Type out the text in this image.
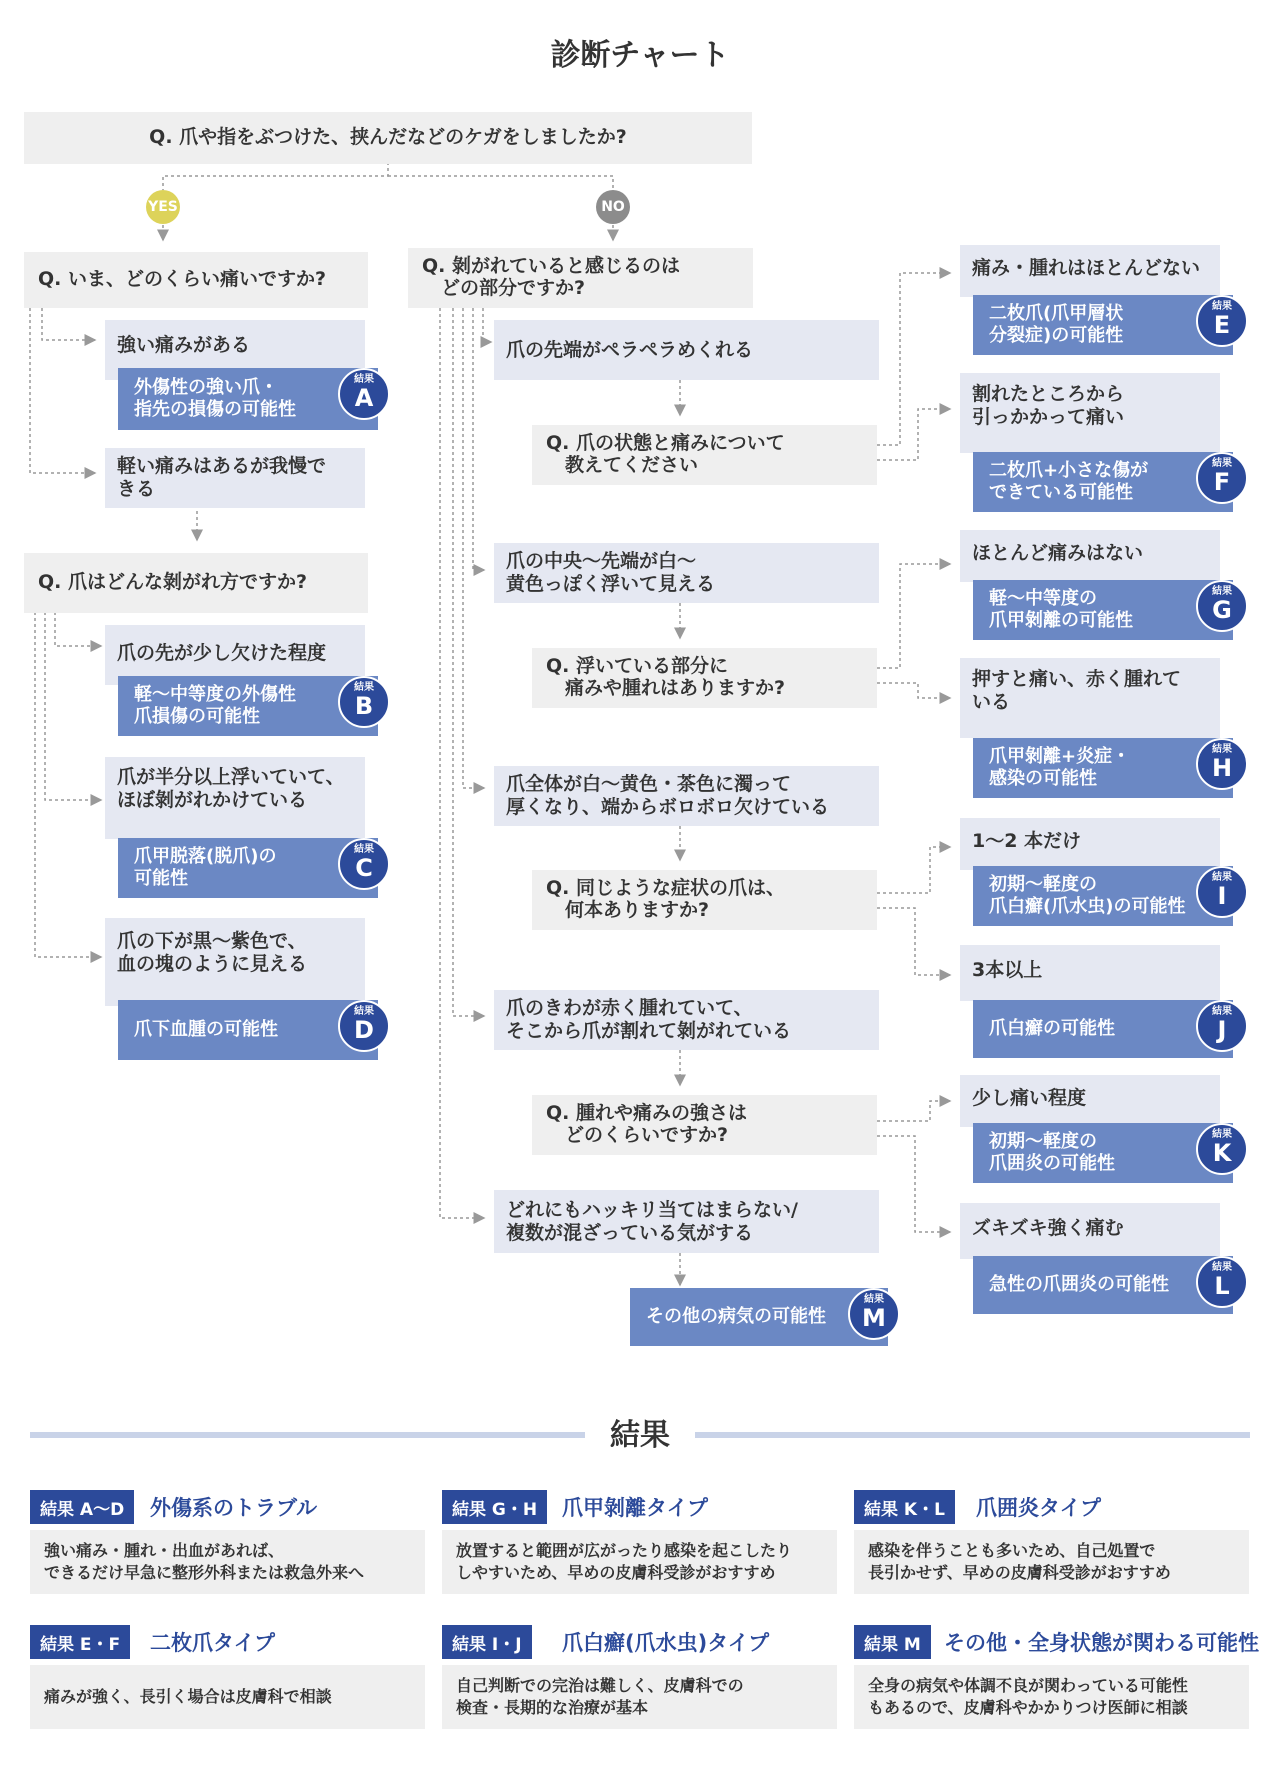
診断チャート
Q. 爪や指をぶつけた、挟んだなどのケガをしましたか?
YES	NO
Q. いま、どのくらい痛いですか?
強い痛みがある
外傷性の強い爪・
指先の損傷の可能性
結果
A
軽い痛みはあるが我慢で
きる
Q. 爪はどんな剝がれ方ですか?
爪の先が少し欠けた程度
軽〜中等度の外傷性
爪損傷の可能性
結果
B
爪が半分以上浮いていて、
ほぼ剝がれかけている
爪甲脱落(脱爪)の
可能性
結果
C
爪の下が黒〜紫色で、
血の塊のように見える
爪下血腫の可能性
結果
D
Q. 剝がれていると感じるのは
　どの部分ですか?
爪の先端がペラペラめくれる
Q. 爪の状態と痛みについて
　教えてください
爪の中央〜先端が白〜
黄色っぽく浮いて見える
Q. 浮いている部分に
　痛みや腫れはありますか?
爪全体が白〜黄色・茶色に濁って
厚くなり、端からボロボロ欠けている
Q. 同じような症状の爪は、
　何本ありますか?
爪のきわが赤く腫れていて、
そこから爪が割れて剝がれている
Q. 腫れや痛みの強さは
　どのくらいですか?
どれにもハッキリ当てはまらない/
複数が混ざっている気がする
その他の病気の可能性
結果
M
痛み・腫れはほとんどない
二枚爪(爪甲層状
分裂症)の可能性
結果
E
割れたところから
引っかかって痛い
二枚爪+小さな傷が
できている可能性
結果
F
ほとんど痛みはない
軽〜中等度の
爪甲剝離の可能性
結果
G
押すと痛い、赤く腫れて
いる
爪甲剝離+炎症・
感染の可能性
結果
H
1〜2 本だけ
初期〜軽度の
爪白癬(爪水虫)の可能性
結果
I
3本以上
爪白癬の可能性
結果
J
少し痛い程度
初期〜軽度の
爪囲炎の可能性
結果
K
ズキズキ強く痛む
急性の爪囲炎の可能性
結果
L
結果
結果 A〜D	外傷系のトラブル
強い痛み・腫れ・出血があれば、
できるだけ早急に整形外科または救急外来へ
結果 G・H	爪甲剝離タイプ
放置すると範囲が広がったり感染を起こしたり
しやすいため、早めの皮膚科受診がおすすめ
結果 K・L	爪囲炎タイプ
感染を伴うことも多いため、自己処置で
長引かせず、早めの皮膚科受診がおすすめ
結果 E・F	二枚爪タイプ
痛みが強く、長引く場合は皮膚科で相談
結果 I・J	爪白癬(爪水虫)タイプ
自己判断での完治は難しく、皮膚科での
検査・長期的な治療が基本
結果 M	その他・全身状態が関わる可能性
全身の病気や体調不良が関わっている可能性
もあるので、皮膚科やかかりつけ医師に相談
